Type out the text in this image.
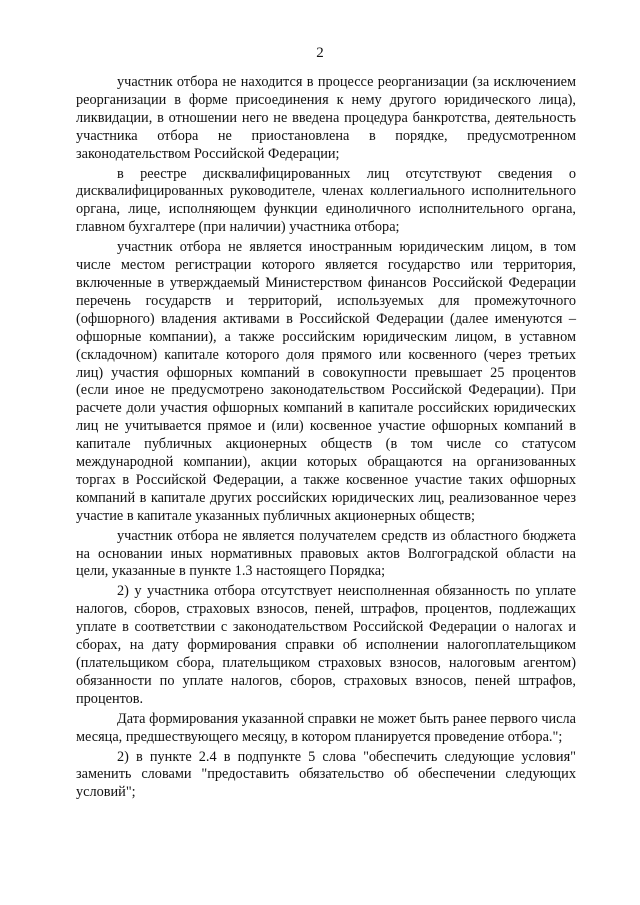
2

участник отбора не находится в процессе реорганизации (за исключением реорганизации в форме присоединения к нему другого юридического лица), ликвидации, в отношении него не введена процедура банкротства, деятельность участника отбора не приостановлена в порядке, предусмотренном законодательством Российской Федерации;

в реестре дисквалифицированных лиц отсутствуют сведения о дисквалифицированных руководителе, членах коллегиального исполнительного органа, лице, исполняющем функции единоличного исполнительного органа, главном бухгалтере (при наличии) участника отбора;

участник отбора не является иностранным юридическим лицом, в том числе местом регистрации которого является государство или территория, включенные в утверждаемый Министерством финансов Российской Федерации перечень государств и территорий, используемых для промежуточного (офшорного) владения активами в Российской Федерации (далее именуются – офшорные компании), а также российским юридическим лицом, в уставном (складочном) капитале которого доля прямого или косвенного (через третьих лиц) участия офшорных компаний в совокупности превышает 25 процентов (если иное не предусмотрено законодательством Российской Федерации). При расчете доли участия офшорных компаний в капитале российских юридических лиц не учитывается прямое и (или) косвенное участие офшорных компаний в капитале публичных акционерных обществ (в том числе со статусом международной компании), акции которых обращаются на организованных торгах в Российской Федерации, а также косвенное участие таких офшорных компаний в капитале других российских юридических лиц, реализованное через участие в капитале указанных публичных акционерных обществ;

участник отбора не является получателем средств из областного бюджета на основании иных нормативных правовых актов Волгоградской области на цели, указанные в пункте 1.3 настоящего Порядка;

2) у участника отбора отсутствует неисполненная обязанность по уплате налогов, сборов, страховых взносов, пеней, штрафов, процентов, подлежащих уплате в соответствии с законодательством Российской Федерации о налогах и сборах, на дату формирования справки об исполнении налогоплательщиком (плательщиком сбора, плательщиком страховых взносов, налоговым агентом) обязанности по уплате налогов, сборов, страховых взносов, пеней штрафов, процентов.

Дата формирования указанной справки не может быть ранее первого числа месяца, предшествующего месяцу, в котором планируется проведение отбора.";

2) в пункте 2.4 в подпункте 5 слова "обеспечить следующие условия" заменить словами "предоставить обязательство об обеспечении следующих условий";
